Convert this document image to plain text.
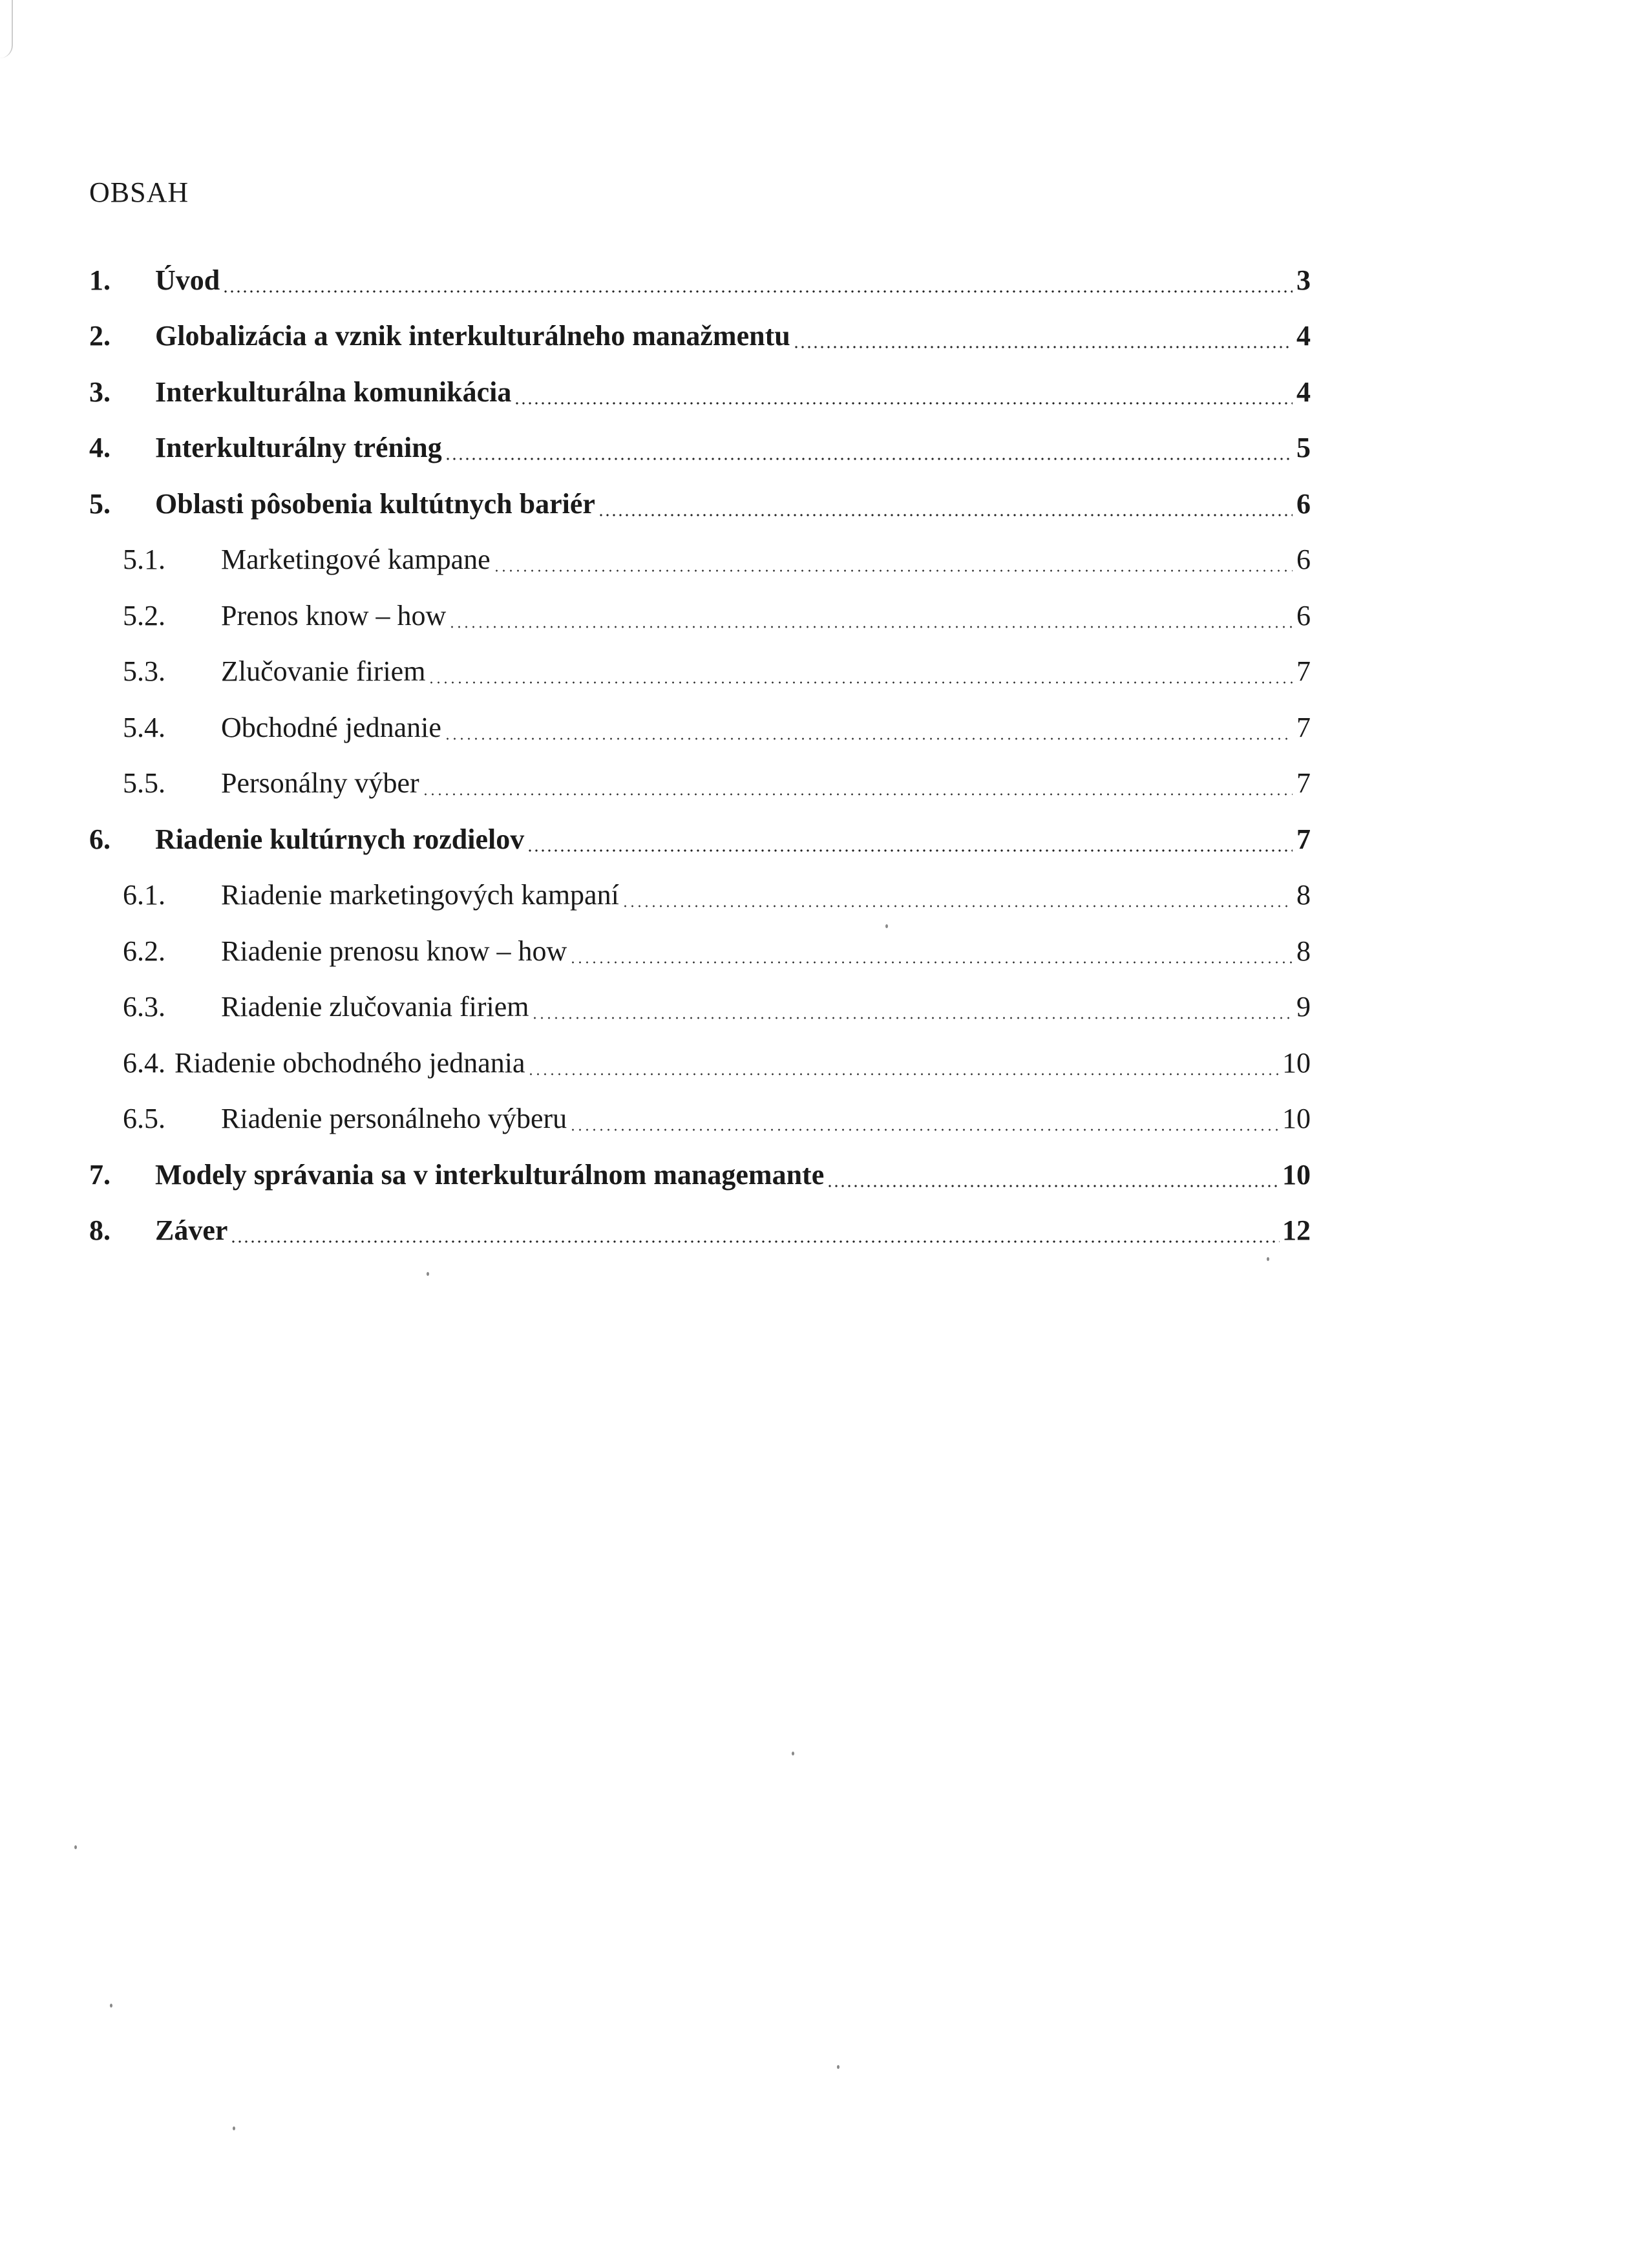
OBSAH
1.	Úvod	3
2.	Globalizácia a vznik interkulturálneho manažmentu	4
3.	Interkulturálna komunikácia	4
4.	Interkulturálny tréning	5
5.	Oblasti pôsobenia kultútnych bariér	6
5.1.	Marketingové kampane	6
5.2.	Prenos know – how	6
5.3.	Zlučovanie firiem	7
5.4.	Obchodné jednanie	7
5.5.	Personálny výber	7
6.	Riadenie kultúrnych rozdielov	7
6.1.	Riadenie marketingových kampaní	8
6.2.	Riadenie prenosu know – how	8
6.3.	Riadenie zlučovania firiem	9
6.4. Riadenie obchodného jednania	10
6.5.	Riadenie personálneho výberu	10
7.	Modely správania sa v interkulturálnom managemante	10
8.	Záver	12
